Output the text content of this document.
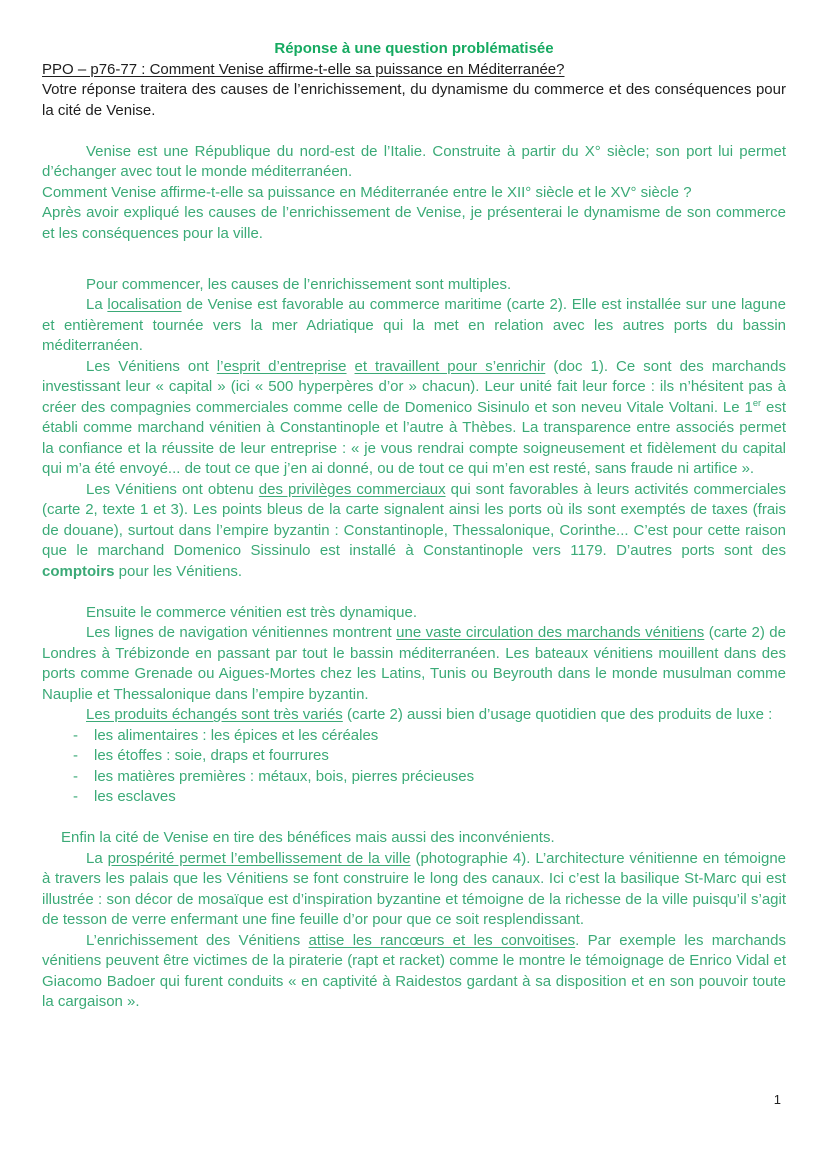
Réponse à une question problématisée

PPO – p76-77 : Comment Venise affirme-t-elle sa puissance en Méditerranée?

Votre réponse traitera des causes de l’enrichissement, du dynamisme du commerce et des conséquences pour la cité de Venise.

Venise est une République du nord-est de l’Italie. Construite à partir du X° siècle; son port lui permet d’échanger avec tout le monde méditerranéen.

Comment Venise affirme-t-elle sa puissance en Méditerranée entre le XII° siècle et le XV° siècle ?

Après avoir expliqué les causes de l’enrichissement de Venise, je présenterai le dynamisme de son commerce et les conséquences pour la ville.

Pour commencer, les causes de l’enrichissement sont multiples.

La localisation de Venise est favorable au commerce maritime (carte 2). Elle est installée sur une lagune et entièrement tournée vers la mer Adriatique qui la met en relation avec les autres ports du bassin méditerranéen.

Les Vénitiens ont l’esprit d’entreprise et travaillent pour s’enrichir (doc 1). Ce sont des marchands investissant leur « capital » (ici « 500 hyperpères d’or » chacun). Leur unité fait leur force : ils n’hésitent pas à créer des compagnies commerciales comme celle de Domenico Sisinulo et son neveu Vitale Voltani. Le 1er est établi comme marchand vénitien à Constantinople et l’autre à Thèbes. La transparence entre associés permet la confiance et la réussite de leur entreprise : « je vous rendrai compte soigneusement et fidèlement du capital qui m’a été envoyé... de tout ce que j’en ai donné, ou de tout ce qui m’en est resté, sans fraude ni artifice ».

Les Vénitiens ont obtenu des privilèges commerciaux qui sont favorables à leurs activités commerciales (carte 2, texte 1 et 3). Les points bleus de la carte signalent ainsi les ports où ils sont exemptés de taxes (frais de douane), surtout dans l’empire byzantin : Constantinople, Thessalonique, Corinthe... C’est pour cette raison que le marchand Domenico Sissinulo est installé à Constantinople vers 1179. D’autres ports sont des comptoirs pour les Vénitiens.

Ensuite le commerce vénitien est très dynamique.

Les lignes de navigation vénitiennes montrent une vaste circulation des marchands vénitiens (carte 2) de Londres à Trébizonde en passant par tout le bassin méditerranéen. Les bateaux vénitiens mouillent dans des ports comme Grenade ou Aigues-Mortes chez les Latins, Tunis ou Beyrouth dans le monde musulman comme Nauplie et Thessalonique dans l’empire byzantin.

Les produits échangés sont très variés (carte 2) aussi bien d’usage quotidien que des produits de luxe :

- les alimentaires : les épices et les céréales
- les étoffes : soie, draps et fourrures
- les matières premières : métaux, bois, pierres précieuses
- les esclaves

Enfin la cité de Venise en tire des bénéfices mais aussi des inconvénients.

La prospérité permet l’embellissement de la ville (photographie 4). L’architecture vénitienne en témoigne à travers les palais que les Vénitiens se font construire le long des canaux. Ici c’est la basilique St-Marc qui est illustrée : son décor de mosaïque est d’inspiration byzantine et témoigne de la richesse de la ville puisqu’il s’agit de tesson de verre enfermant une fine feuille d’or pour que ce soit resplendissant.

L’enrichissement des Vénitiens attise les rancœurs et les convoitises. Par exemple les marchands vénitiens peuvent être victimes de la piraterie (rapt et racket) comme le montre le témoignage de Enrico Vidal et Giacomo Badoer qui furent conduits « en captivité à Raidestos gardant à sa disposition et en son pouvoir toute la cargaison ».

1
